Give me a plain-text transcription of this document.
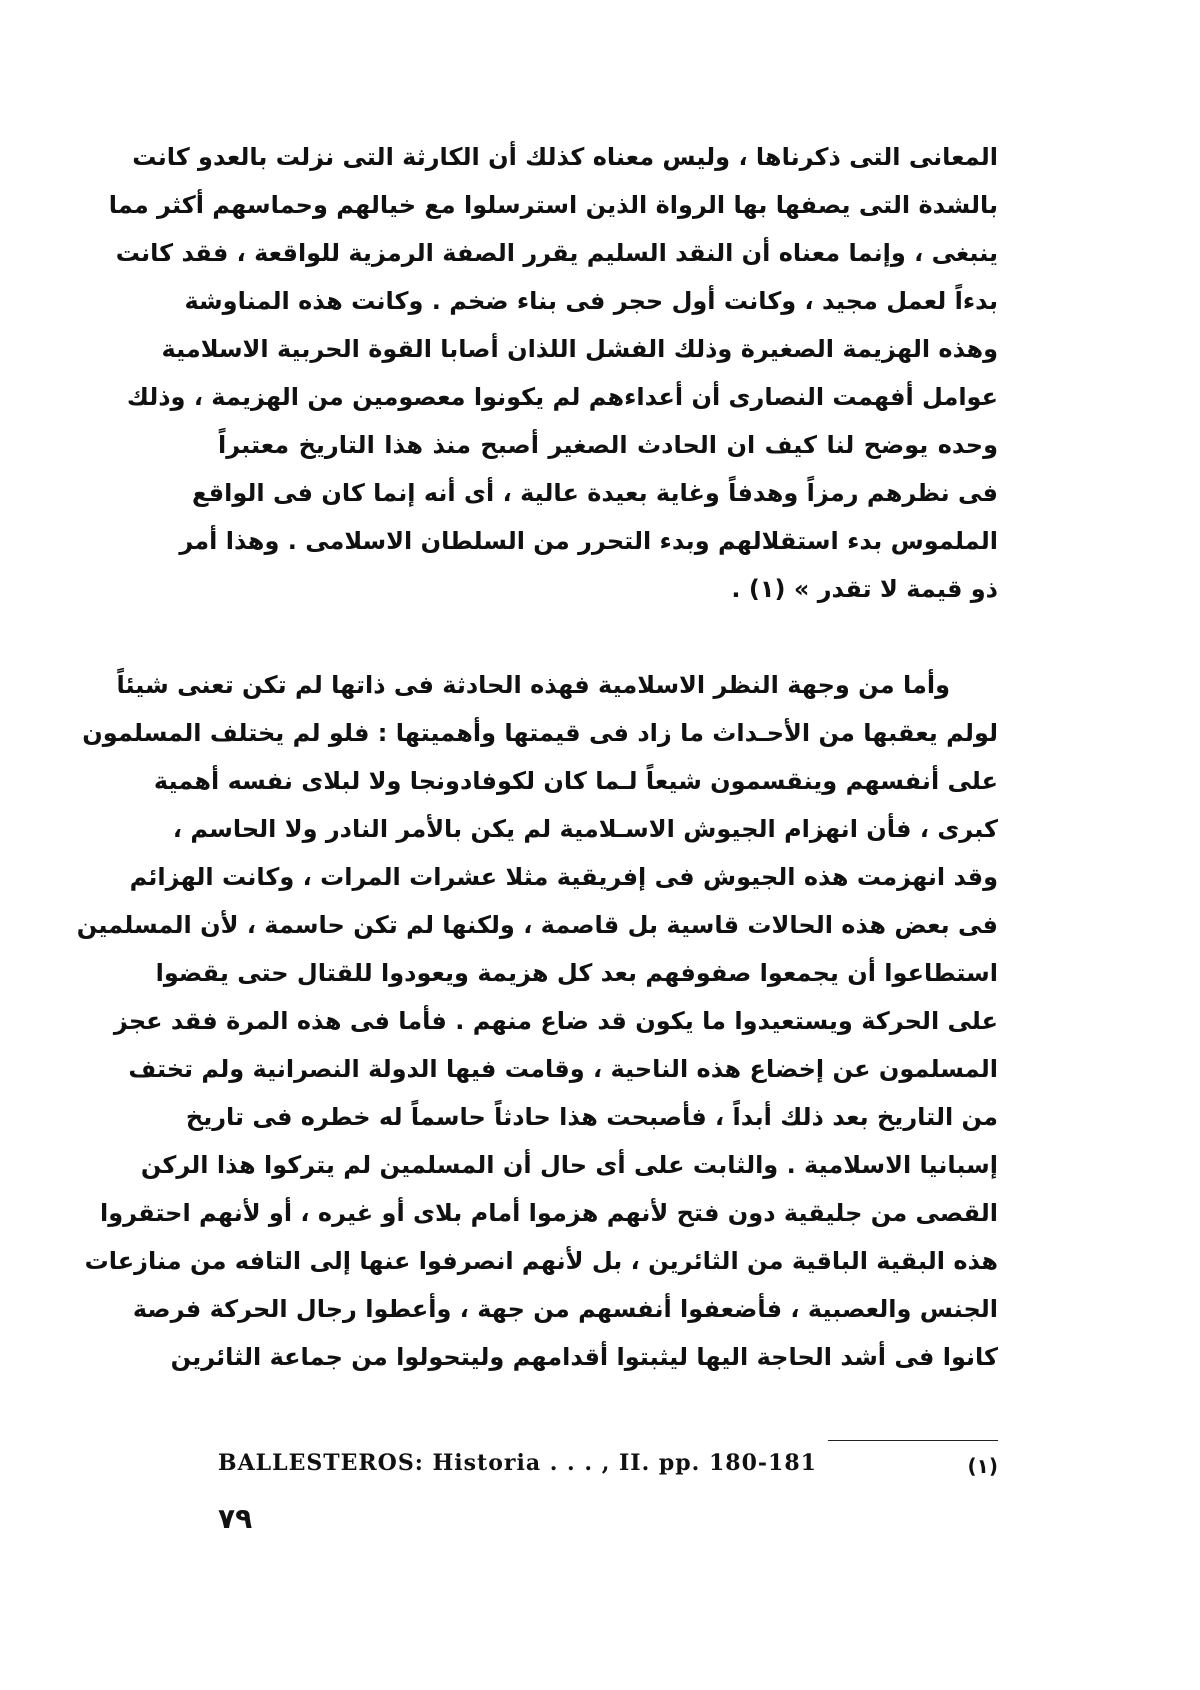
المعانى التى ذكرناها ، وليس معناه كذلك أن الكارثة التى نزلت بالعدو كانت
بالشدة التى يصفها بها الرواة الذين استرسلوا مع خيالهم وحماسهم أكثر مما
ينبغى ، وإنما معناه أن النقد السليم يقرر الصفة الرمزية للواقعة ، فقد كانت
بدءاً لعمل مجيد ، وكانت أول حجر فى بناء ضخم . وكانت هذه المناوشة
وهذه الهزيمة الصغيرة وذلك الفشل اللذان أصابا القوة الحربية الاسلامية
عوامل أفهمت النصارى أن أعداءهم لم يكونوا معصومين من الهزيمة ، وذلك
وحده يوضح لنا كيف ان الحادث الصغير أصبح منذ هذا التاريخ معتبراً
فى نظرهم رمزاً وهدفاً وغاية بعيدة عالية ، أى أنه إنما كان فى الواقع
الملموس بدء استقلالهم وبدء التحرر من السلطان الاسلامى . وهذا أمر
ذو قيمة لا تقدر » (١) .
وأما من وجهة النظر الاسلامية فهذه الحادثة فى ذاتها لم تكن تعنى شيئاً
لولم يعقبها من الأحـداث ما زاد فى قيمتها وأهميتها : فلو لم يختلف المسلمون
على أنفسهم وينقسمون شيعاً لـما كان لكوفادونجا ولا لبلاى نفسه أهمية
كبرى ، فأن انهزام الجيوش الاسـلامية لم يكن بالأمر النادر ولا الحاسم ،
وقد انهزمت هذه الجيوش فى إفريقية مثلا عشرات المرات ، وكانت الهزائم
فى بعض هذه الحالات قاسية بل قاصمة ، ولكنها لم تكن حاسمة ، لأن المسلمين
استطاعوا أن يجمعوا صفوفهم بعد كل هزيمة ويعودوا للقتال حتى يقضوا
على الحركة ويستعيدوا ما يكون قد ضاع منهم . فأما فى هذه المرة فقد عجز
المسلمون عن إخضاع هذه الناحية ، وقامت فيها الدولة النصرانية ولم تختف
من التاريخ بعد ذلك أبداً ، فأصبحت هذا حادثاً حاسماً له خطره فى تاريخ
إسبانيا الاسلامية . والثابت على أى حال أن المسلمين لم يتركوا هذا الركن
القصى من جليقية دون فتح لأنهم هزموا أمام بلاى أو غيره ، أو لأنهم احتقروا
هذه البقية الباقية من الثائرين ، بل لأنهم انصرفوا عنها إلى التافه من منازعات
الجنس والعصبية ، فأضعفوا أنفسهم من جهة ، وأعطوا رجال الحركة فرصة
كانوا فى أشد الحاجة اليها ليثبتوا أقدامهم وليتحولوا من جماعة الثائرين
BALLESTEROS: Historia . . . , II. pp. 180-181	(١)
٧٩
